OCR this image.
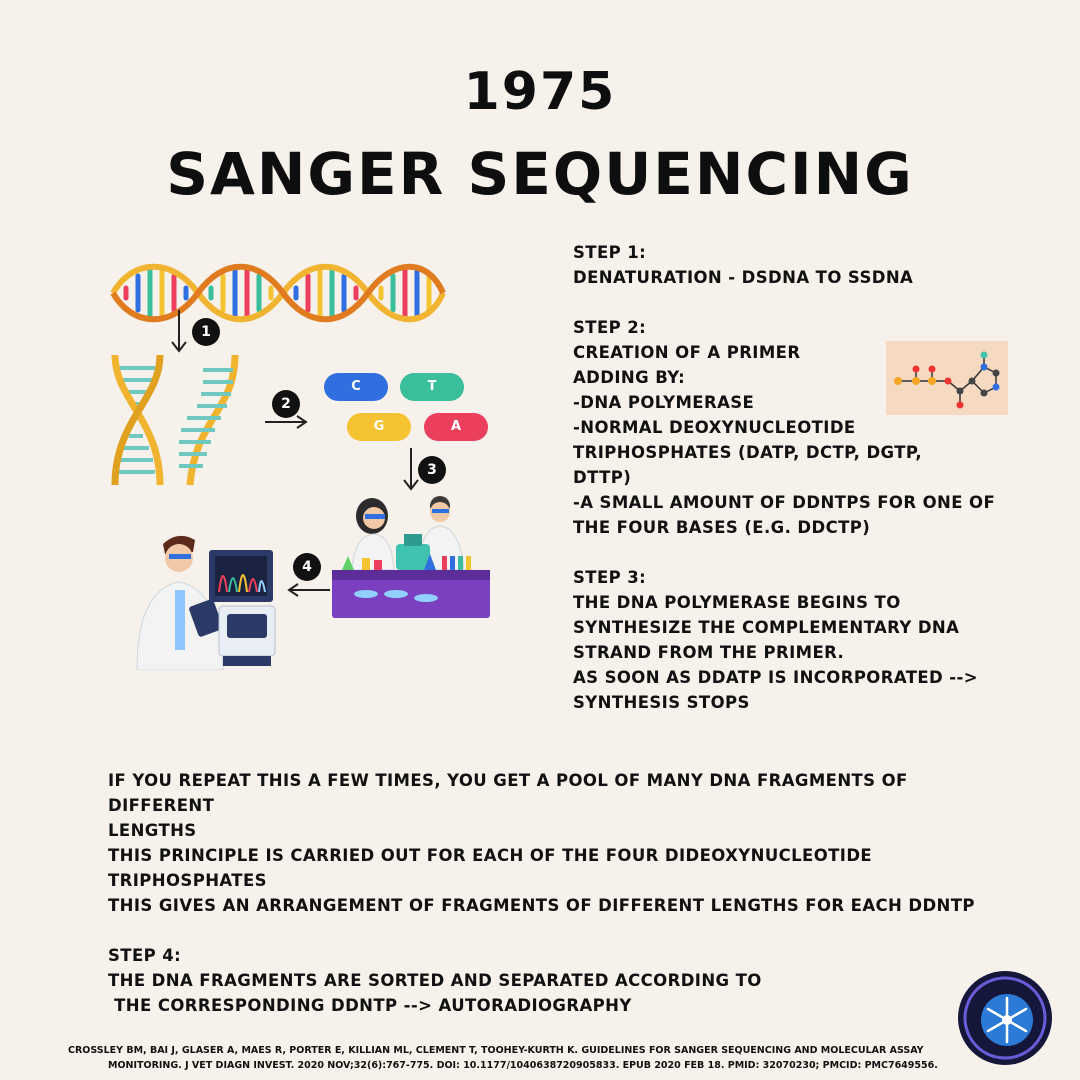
1975
SANGER SEQUENCING
1
2
C	T
G	A
3
4
STEP 1:
DENATURATION - DSDNA TO SSDNA
STEP 2:
CREATION OF A PRIMER
ADDING BY:
-DNA POLYMERASE
-NORMAL DEOXYNUCLEOTIDE
TRIPHOSPHATES (DATP, DCTP, DGTP,
DTTP)
-A SMALL AMOUNT OF DDNTPS FOR ONE OF
THE FOUR BASES (E.G. DDCTP)
STEP 3:
THE DNA POLYMERASE BEGINS TO
SYNTHESIZE THE COMPLEMENTARY DNA
STRAND FROM THE PRIMER.
AS SOON AS DDATP IS INCORPORATED -->
SYNTHESIS STOPS
IF YOU REPEAT THIS A FEW TIMES, YOU GET A POOL OF MANY DNA FRAGMENTS OF DIFFERENT
LENGTHS
THIS PRINCIPLE IS CARRIED OUT FOR EACH OF THE FOUR DIDEOXYNUCLEOTIDE
TRIPHOSPHATES
THIS GIVES AN ARRANGEMENT OF FRAGMENTS OF DIFFERENT LENGTHS FOR EACH DDNTP
STEP 4:
THE DNA FRAGMENTS ARE SORTED AND SEPARATED ACCORDING TO
THE CORRESPONDING DDNTP --> AUTORADIOGRAPHY
CROSSLEY BM, BAI J, GLASER A, MAES R, PORTER E, KILLIAN ML, CLEMENT T, TOOHEY-KURTH K. GUIDELINES FOR SANGER SEQUENCING AND MOLECULAR ASSAY
MONITORING. J VET DIAGN INVEST. 2020 NOV;32(6):767-775. DOI: 10.1177/1040638720905833. EPUB 2020 FEB 18. PMID: 32070230; PMCID: PMC7649556.
